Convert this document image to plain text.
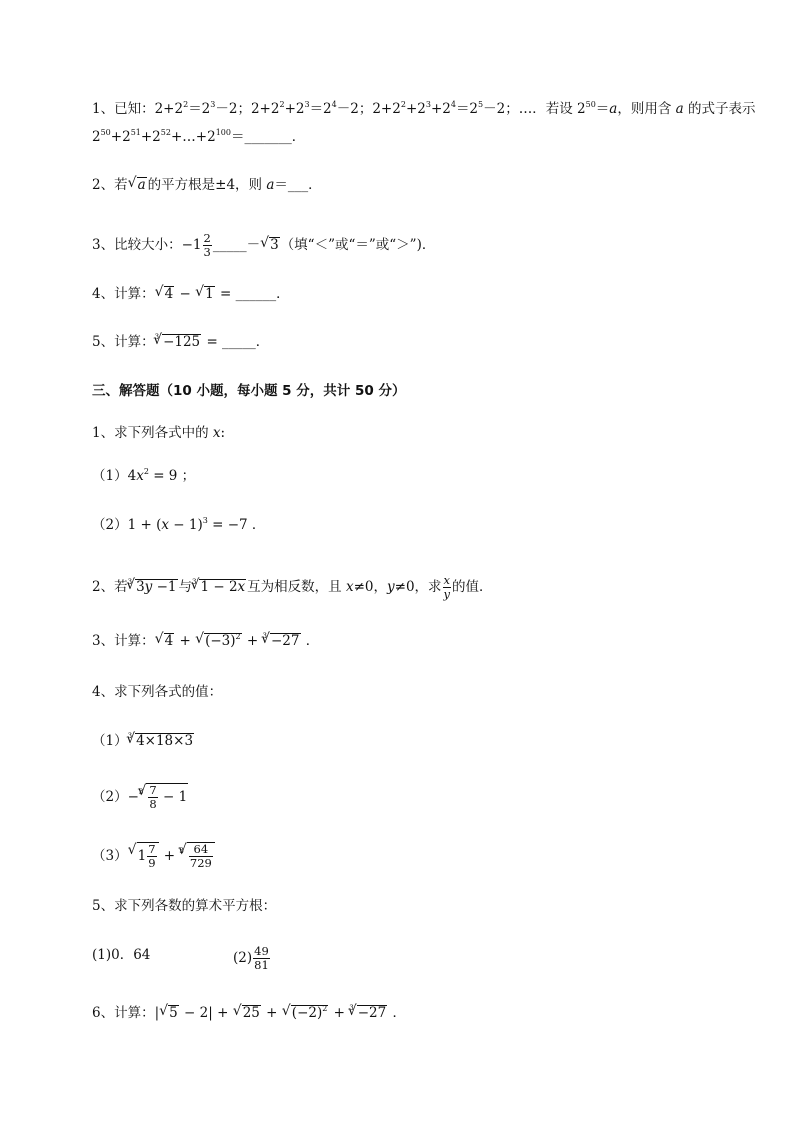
1、已知：$2+2^2=2^3-2$；$2+2^2+2^3=2^4-2$；$2+2^2+2^3+2^4=2^5-2$；…．若设 $2^{50}=a$，则用含 a 的式子表示
$2^{50}+2^{51}+2^{52}+\dots+2^{100}=\_\_\_\_\_\_\_$．
2、若√ a 的平方根是±4，则 a＝___．
3、比较大小：$-1 \frac{2}{3}$ _____－√ 3 （填“＜”或“＝”或“＞”)．
4、计算：√ 4 − √ 1 = ______．
5、计算：$^3$√ −125 = _____．
三、解答题（10 小题，每小题 5 分，共计 50 分）
1、求下列各式中的 x:
$(1)4x^2 = 9$ ；
$(2)1 + (x - 1)^3 = -7$ ．
2、若$^3$√ 3y −1 与$^3$√ 1 − 2x 互为相反数，且 x≠0，y≠0，求 $\frac{x}{y}$ 的值．
3、计算：√ 4 + √ $(-3)^2 + ^3√ -27$ ．
4、求下列各式的值：
$(1)^3√$ 4×18×3
（2）−$^3$
√ $\frac{7}{8} - 1$
（3）√ $1 \frac{7}{9} + ^3$
√ $\frac{64}{729}$
5、求下列各数的算术平方根：
(1)0．64	$(2) \frac{49}{81}$
6、计算：|√ 5 − 2| + √ 25 + √ $(-2)^2 + ^3√ -27$ ．
